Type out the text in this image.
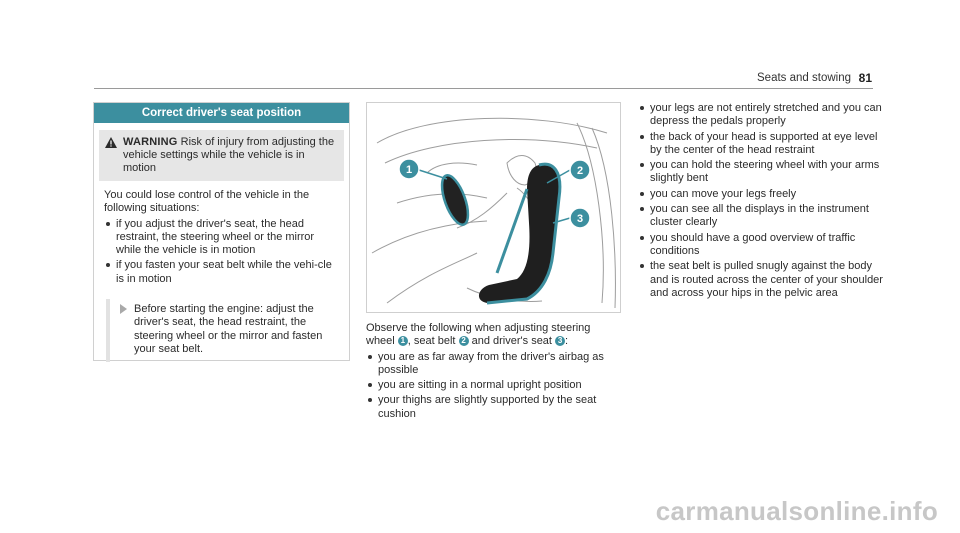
Seats and stowing 81
Correct driver's seat position
WARNING Risk of injury from adjusting the vehicle settings while the vehicle is in motion
You could lose control of the vehicle in the following situations:
if you adjust the driver's seat, the head restraint, the steering wheel or the mirror while the vehicle is in motion
if you fasten your seat belt while the vehi-cle is in motion
Before starting the engine: adjust the driver's seat, the head restraint, the steering wheel or the mirror and fasten your seat belt.
1	2
3
Observe the following when adjusting steering wheel 1 , seat belt 2 and driver's seat 3 :
you are as far away from the driver's airbag as possible
you are sitting in a normal upright position
your thighs are slightly supported by the seat cushion
your legs are not entirely stretched and you can depress the pedals properly
the back of your head is supported at eye level by the center of the head restraint
you can hold the steering wheel with your arms slightly bent
you can move your legs freely
you can see all the displays in the instrument cluster clearly
you should have a good overview of traffic conditions
the seat belt is pulled snugly against the body and is routed across the center of your shoulder and across your hips in the pelvic area
carmanualsonline.info
